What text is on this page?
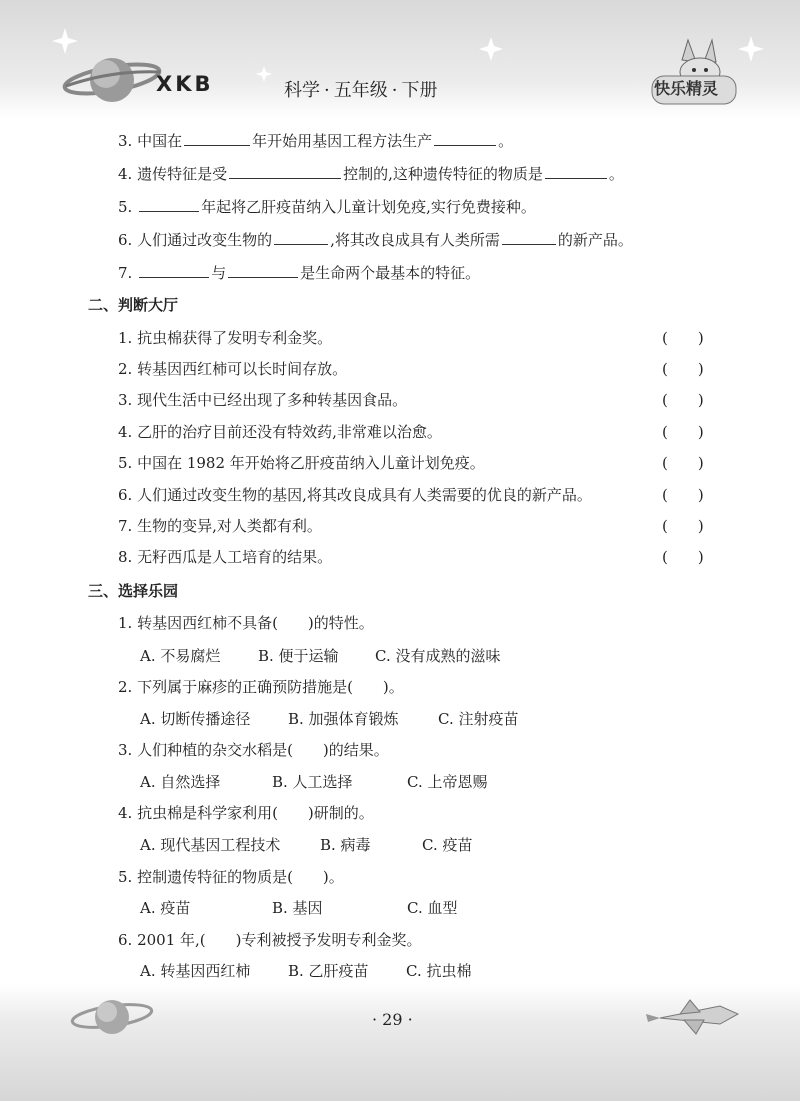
XKB	科学 · 五年级 · 下册	快乐精灵
3. 中国在	年开始用基因工程方法生产	。
4. 遗传特征是受	控制的,这种遗传特征的物质是	。
5.	年起将乙肝疫苗纳入儿童计划免疫,实行免费接种。
6. 人们通过改变生物的	,将其改良成具有人类所需	的新产品。
7.	与	是生命两个最基本的特征。
二、判断大厅
1. 抗虫棉获得了发明专利金奖。	(　　)
2. 转基因西红柿可以长时间存放。	(　　)
3. 现代生活中已经出现了多种转基因食品。	(　　)
4. 乙肝的治疗目前还没有特效药,非常难以治愈。	(　　)
5. 中国在 1982 年开始将乙肝疫苗纳入儿童计划免疫。	(　　)
6. 人们通过改变生物的基因,将其改良成具有人类需要的优良的新产品。	(　　)
7. 生物的变异,对人类都有利。	(　　)
8. 无籽西瓜是人工培育的结果。	(　　)
三、选择乐园
1. 转基因西红柿不具备(　　)的特性。
A. 不易腐烂	B. 便于运输 C. 没有成熟的滋味
2. 下列属于麻疹的正确预防措施是(　　)。
A. 切断传播途径	B. 加强体育锻炼	C. 注射疫苗
3. 人们种植的杂交水稻是(　　)的结果。
A. 自然选择	B. 人工选择	C. 上帝恩赐
4. 抗虫棉是科学家利用(　　)研制的。
A. 现代基因工程技术	B. 病毒	C. 疫苗
5. 控制遗传特征的物质是(　　)。
A. 疫苗	B. 基因	C. 血型
6. 2001 年,(　　)专利被授予发明专利金奖。
A. 转基因西红柿	B. 乙肝疫苗 C. 抗虫棉
· 29 ·
